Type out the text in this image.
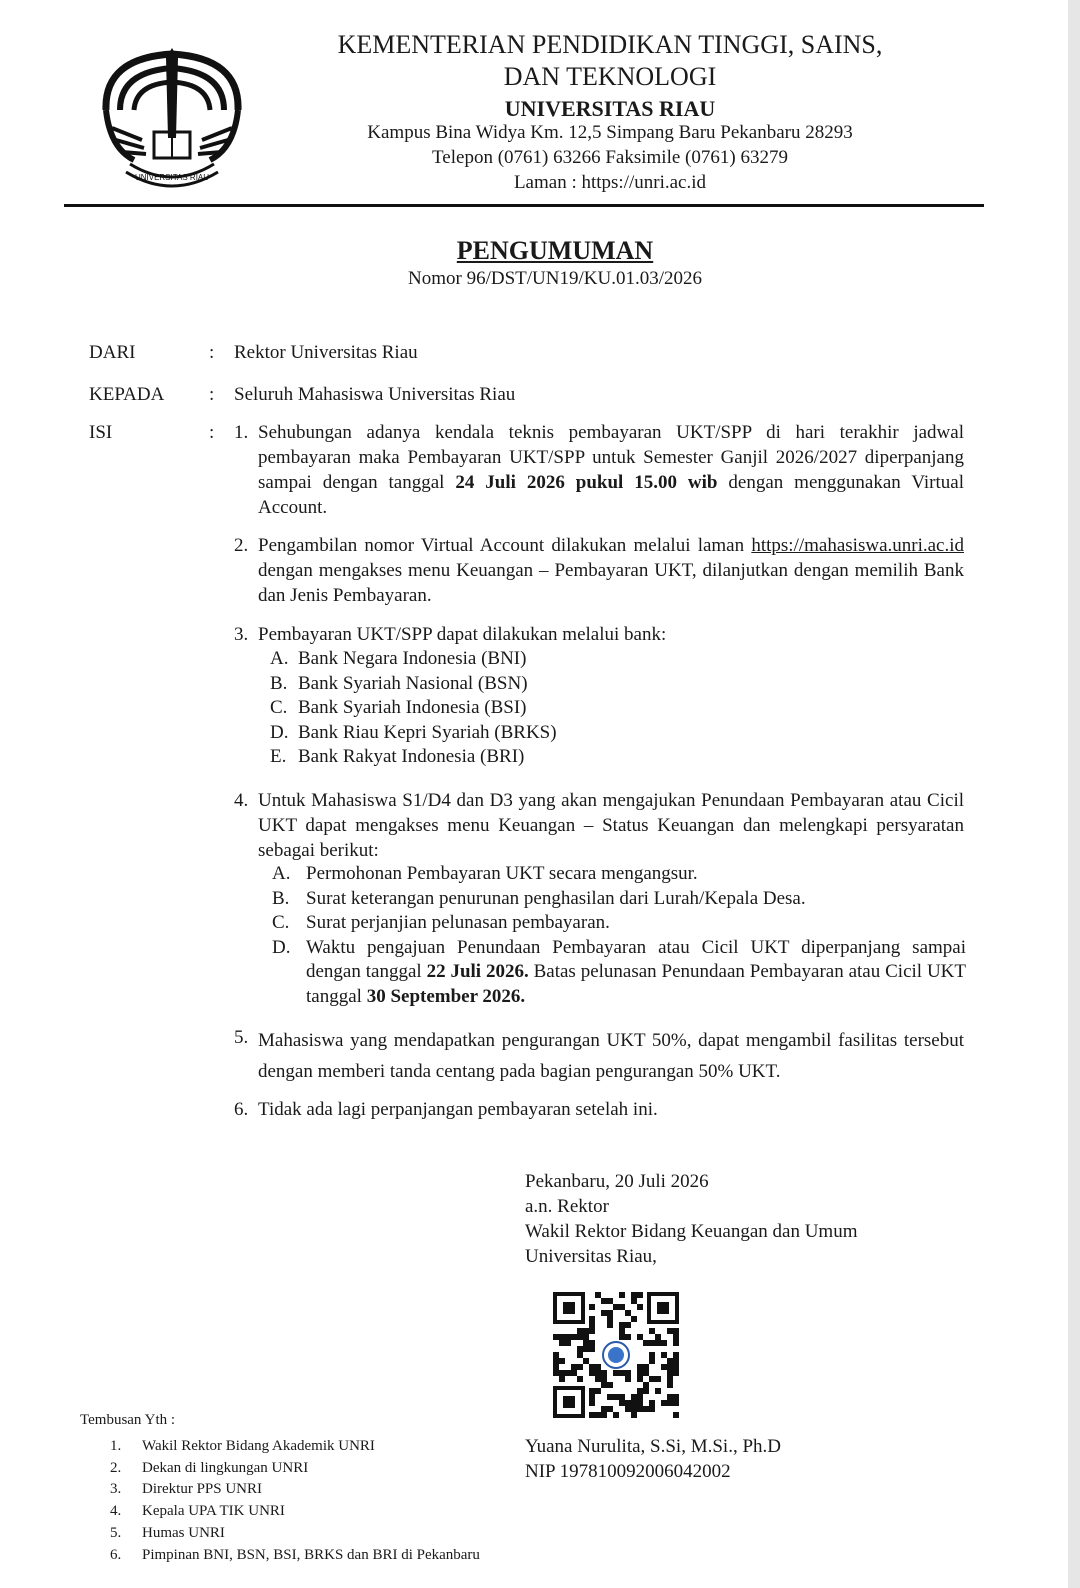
UNIVERSITAS RIAU
KEMENTERIAN PENDIDIKAN TINGGI, SAINS,
DAN TEKNOLOGI
UNIVERSITAS RIAU
Kampus Bina Widya Km. 12,5 Simpang Baru Pekanbaru 28293
Telepon (0761) 63266 Faksimile (0761) 63279
Laman : https://unri.ac.id
PENGUMUMAN
Nomor 96/DST/UN19/KU.01.03/2026
DARI	: Rektor Universitas Riau
KEPADA : Seluruh Mahasiswa Universitas Riau
ISI	: 1. Sehubungan adanya kendala teknis pembayaran UKT/SPP di hari terakhir jadwal pembayaran maka Pembayaran UKT/SPP untuk Semester Ganjil 2026/2027 diperpanjang sampai dengan tanggal 24 Juli 2026 pukul 15.00 wib dengan menggunakan Virtual Account.
2. Pengambilan nomor Virtual Account dilakukan melalui laman https://mahasiswa.unri.ac.id dengan mengakses menu Keuangan – Pembayaran UKT, dilanjutkan dengan memilih Bank dan Jenis Pembayaran.
3. Pembayaran UKT/SPP dapat dilakukan melalui bank:
A. Bank Negara Indonesia (BNI)
B. Bank Syariah Nasional (BSN)
C. Bank Syariah Indonesia (BSI)
D. Bank Riau Kepri Syariah (BRKS)
E. Bank Rakyat Indonesia (BRI)
4. Untuk Mahasiswa S1/D4 dan D3 yang akan mengajukan Penundaan Pembayaran atau Cicil UKT dapat mengakses menu Keuangan – Status Keuangan dan melengkapi persyaratan sebagai berikut:
A. Permohonan Pembayaran UKT secara mengangsur.
B. Surat keterangan penurunan penghasilan dari Lurah/Kepala Desa.
C. Surat perjanjian pelunasan pembayaran.
D. Waktu pengajuan Penundaan Pembayaran atau Cicil UKT diperpanjang sampai dengan tanggal 22 Juli 2026. Batas pelunasan Penundaan Pembayaran atau Cicil UKT tanggal 30 September 2026.
5. Mahasiswa yang mendapatkan pengurangan UKT 50%, dapat mengambil fasilitas tersebut dengan memberi tanda centang pada bagian pengurangan 50% UKT.
6. Tidak ada lagi perpanjangan pembayaran setelah ini.
Pekanbaru, 20 Juli 2026
a.n. Rektor
Wakil Rektor Bidang Keuangan dan Umum
Universitas Riau,
Yuana Nurulita, S.Si, M.Si., Ph.D
NIP 197810092006042002
Tembusan Yth :
1.	Wakil Rektor Bidang Akademik UNRI
2.	Dekan di lingkungan UNRI
3.	Direktur PPS UNRI
4.	Kepala UPA TIK UNRI
5.	Humas UNRI
6.	Pimpinan BNI, BSN, BSI, BRKS dan BRI di Pekanbaru
